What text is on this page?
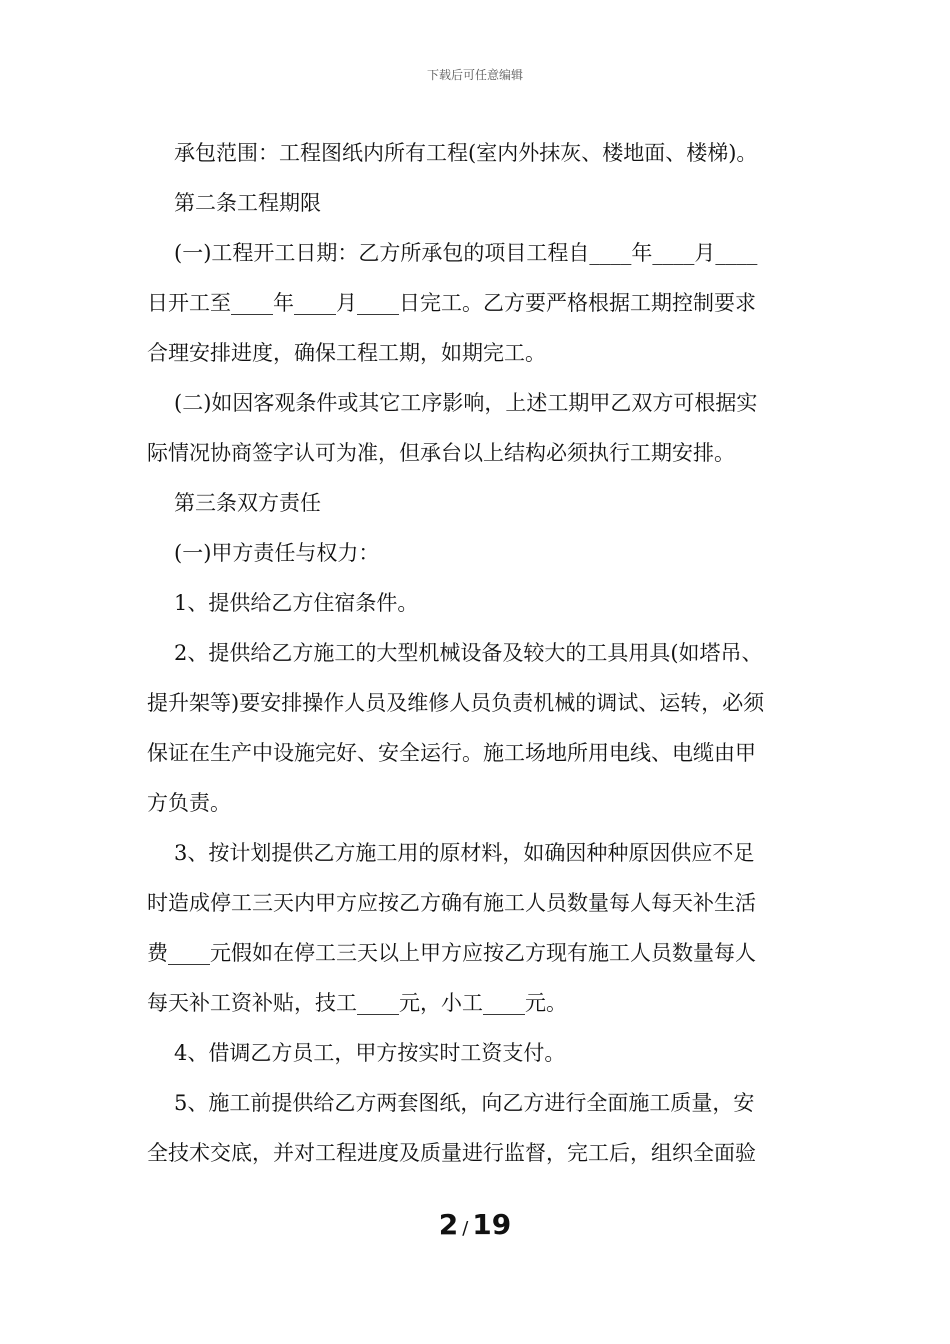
下载后可任意编辑
承包范围：工程图纸内所有工程(室内外抹灰、楼地面、楼梯)。
第二条工程期限
(一)工程开工日期：乙方所承包的项目工程自____年____月____
日开工至____年____月____日完工。乙方要严格根据工期控制要求
合理安排进度，确保工程工期，如期完工。
(二)如因客观条件或其它工序影响，上述工期甲乙双方可根据实
际情况协商签字认可为准，但承台以上结构必须执行工期安排。
第三条双方责任
(一)甲方责任与权力：
1、提供给乙方住宿条件。
2、提供给乙方施工的大型机械设备及较大的工具用具(如塔吊、
提升架等)要安排操作人员及维修人员负责机械的调试、运转，必须
保证在生产中设施完好、安全运行。施工场地所用电线、电缆由甲
方负责。
3、按计划提供乙方施工用的原材料，如确因种种原因供应不足
时造成停工三天内甲方应按乙方确有施工人员数量每人每天补生活
费____元假如在停工三天以上甲方应按乙方现有施工人员数量每人
每天补工资补贴，技工____元，小工____元。
4、借调乙方员工，甲方按实时工资支付。
5、施工前提供给乙方两套图纸，向乙方进行全面施工质量，安
全技术交底，并对工程进度及质量进行监督，完工后，组织全面验
2 / 19
